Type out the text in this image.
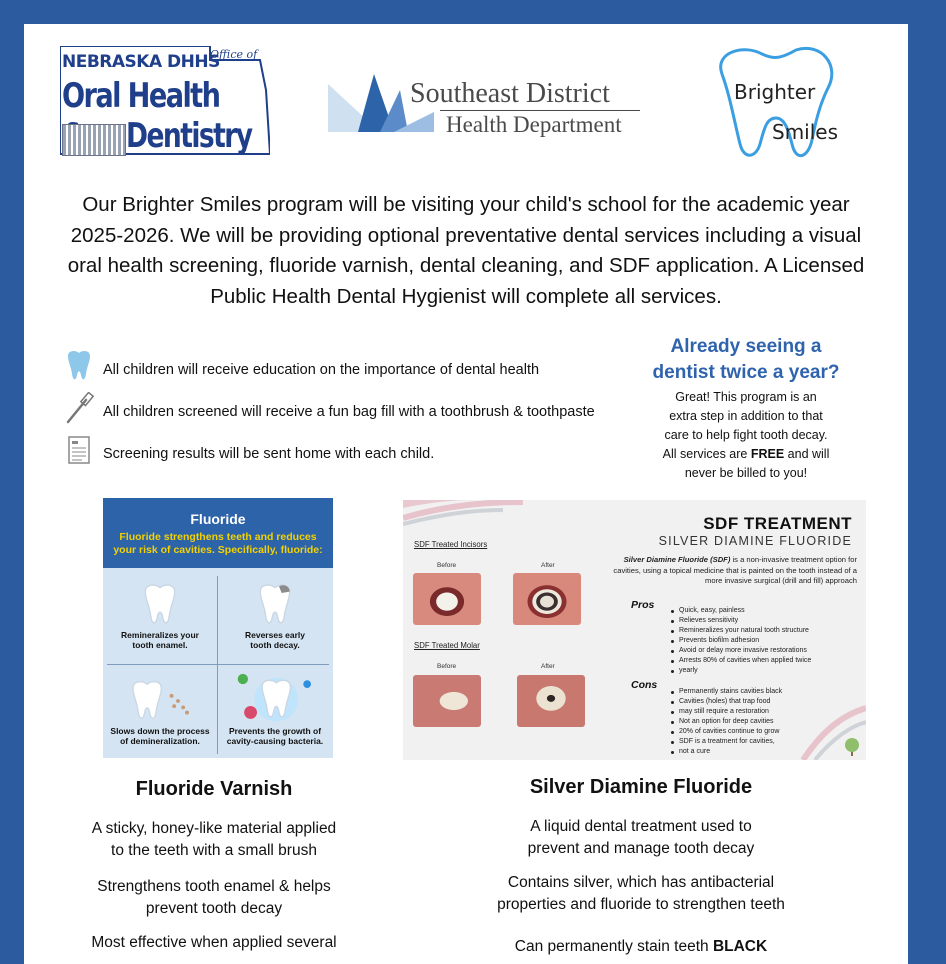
NEBRASKA DHHS
Office of
Oral Health
Dentistry
Southeast District
Health Department
Brighter
Smiles

Our Brighter Smiles program will be visiting your child's school for the academic year 2025-2026. We will be providing optional preventative dental services including a visual oral health screening, fluoride varnish, dental cleaning, and SDF application. A Licensed Public Health Dental Hygienist will complete all services.

All children will receive education on the importance of dental health
All children screened will receive a fun bag fill with a toothbrush & toothpaste
Screening results will be sent home with each child.
Already seeing a
dentist twice a year?

Great! This program is an
extra step in addition to that
care to help fight tooth decay.
All services are FREE and will
never be billed to you!

Fluoride
Fluoride strengthens teeth and reduces your risk of cavities. Specifically, fluoride:
Remineralizes your
tooth enamel.
Reverses early
tooth decay.
Slows down the process
of demineralization.
Prevents the growth of
cavity-causing bacteria.
SDF TREATMENT
SILVER DIAMINE FLUORIDE
Silver Diamine Fluoride (SDF) is a non-invasive treatment option for cavities, using a topical medicine that is painted on the tooth instead of a more invasive surgical (drill and fill) approach
SDF Treated Incisors
Before	After
SDF Treated Molar
Before	After
Pros	Quick, easy, painless
Relieves sensitivity
Remineralizes your natural tooth structure
Prevents biofilm adhesion
Avoid or delay more invasive restorations
Arrests 80% of cavities when applied twice
yearly
Cons
Permanently stains cavities black
Cavities (holes) that trap food
may still require a restoration
Not an option for deep cavities
20% of cavities continue to grow
SDF is a treatment for cavities,
not a cure
Fluoride Varnish

A sticky, honey-like material applied
to the teeth with a small brush

Strengthens tooth enamel & helps
prevent tooth decay

Most effective when applied several

Silver Diamine Fluoride

A liquid dental treatment used to
prevent and manage tooth decay

Contains silver, which has antibacterial
properties and fluoride to strengthen teeth

Can permanently stain teeth BLACK
